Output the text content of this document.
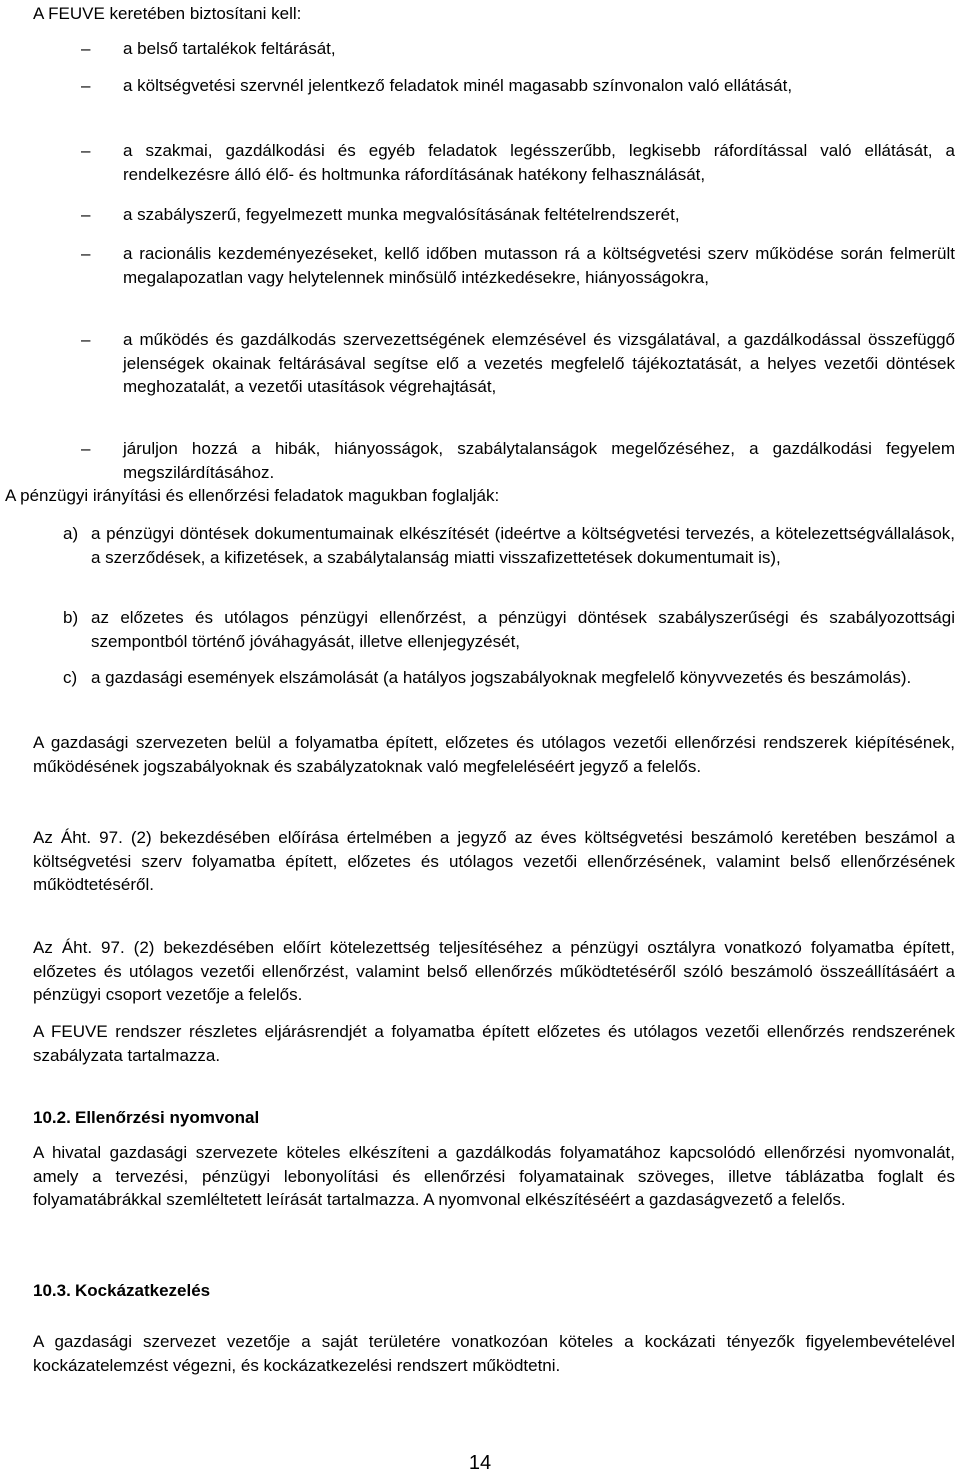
A FEUVE keretében biztosítani kell:

–	a belső tartalékok feltárását,
–	a költségvetési szervnél jelentkező feladatok minél magasabb színvonalon való ellátását,
–	a szakmai, gazdálkodási és egyéb feladatok legésszerűbb, legkisebb ráfordítással való ellátását, a rendelkezésre álló élő- és holtmunka ráfordításának hatékony felhasználását,
–	a szabályszerű, fegyelmezett munka megvalósításának feltételrendszerét,
–	a racionális kezdeményezéseket, kellő időben mutasson rá a költségvetési szerv működése során felmerült megalapozatlan vagy helytelennek minősülő intézkedésekre, hiányosságokra,
–	a működés és gazdálkodás szervezettségének elemzésével és vizsgálatával, a gazdálkodással összefüggő jelenségek okainak feltárásával segítse elő a vezetés megfelelő tájékoztatását, a helyes vezetői döntések meghozatalát, a vezetői utasítások végrehajtását,
–	járuljon hozzá a hibák, hiányosságok, szabálytalanságok megelőzéséhez, a gazdálkodási fegyelem megszilárdításához.

A pénzügyi irányítási és ellenőrzési feladatok magukban foglalják:

a) a pénzügyi döntések dokumentumainak elkészítését (ideértve a költségvetési tervezés, a kötelezettségvállalások, a szerződések, a kifizetések, a szabálytalanság miatti visszafizettetések dokumentumait is),
b) az előzetes és utólagos pénzügyi ellenőrzést, a pénzügyi döntések szabályszerűségi és szabályozottsági szempontból történő jóváhagyását, illetve ellenjegyzését,
c) a gazdasági események elszámolását (a hatályos jogszabályoknak megfelelő könyvvezetés és beszámolás).

A gazdasági szervezeten belül a folyamatba épített, előzetes és utólagos vezetői ellenőrzési rendszerek kiépítésének, működésének jogszabályoknak és szabályzatoknak való megfeleléséért jegyző a felelős.

Az Áht. 97. (2) bekezdésében előírása értelmében a jegyző az éves költségvetési beszámoló keretében beszámol a költségvetési szerv folyamatba épített, előzetes és utólagos vezetői ellenőrzésének, valamint belső ellenőrzésének működtetéséről.

Az Áht. 97. (2) bekezdésében előírt kötelezettség teljesítéséhez a pénzügyi osztályra vonatkozó folyamatba épített, előzetes és utólagos vezetői ellenőrzést, valamint belső ellenőrzés működtetéséről szóló beszámoló összeállításáért a pénzügyi csoport vezetője a felelős.

A FEUVE rendszer részletes eljárásrendjét a folyamatba épített előzetes és utólagos vezetői ellenőrzés rendszerének szabályzata tartalmazza.

10.2. Ellenőrzési nyomvonal

A hivatal gazdasági szervezete köteles elkészíteni a gazdálkodás folyamatához kapcsolódó ellenőrzési nyomvonalát, amely a tervezési, pénzügyi lebonyolítási és ellenőrzési folyamatainak szöveges, illetve táblázatba foglalt és folyamatábrákkal szemléltetett leírását tartalmazza. A nyomvonal elkészítéséért a gazdaságvezető a felelős.

10.3. Kockázatkezelés

A gazdasági szervezet vezetője a saját területére vonatkozóan köteles a kockázati tényezők figyelembevételével kockázatelemzést végezni, és kockázatkezelési rendszert működtetni.

14
